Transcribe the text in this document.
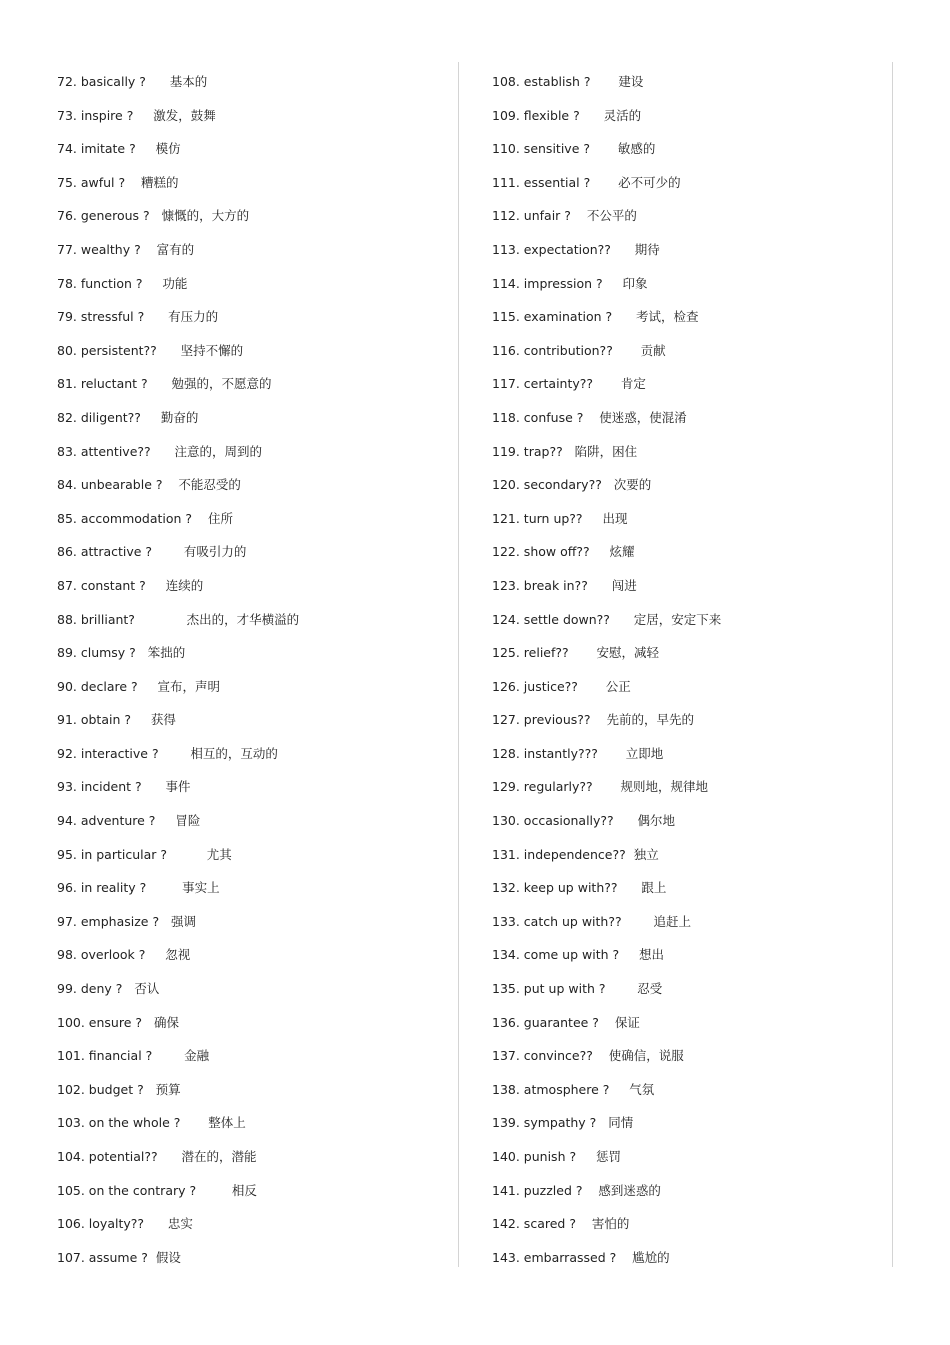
72. basically ?
基本的
73. inspire ?
激发，鼓舞
74. imitate ?
模仿
75. awful ?
糟糕的
76. generous ?
慷慨的，大方的
77. wealthy ?
富有的
78. function ?
功能
79. stressful ?
有压力的
80. persistent??
坚持不懈的
81. reluctant ?
勉强的，不愿意的
82. diligent??
勤奋的
83. attentive??
注意的，周到的
84. unbearable ?
不能忍受的
85. accommodation ?
住所
86. attractive ?
	有吸引力的
87. constant ?
连续的
88. brilliant?
	杰出的，才华横溢的
89. clumsy ?
笨拙的
90. declare ?
宣布，声明
91. obtain ?
获得
92. interactive ?
	相互的，互动的
93. incident ?
事件
94. adventure ?
冒险
95. in particular ?
	尤其
96. in reality ?
	事实上
97. emphasize ?
强调
98. overlook ?
忽视
99. deny ?
否认
100. ensure ?
确保
101. financial ?
	金融
102. budget ?
预算
103. on the whole ?
整体上
104. potential??
潜在的，潜能
105. on the contrary ?
	相反
106. loyalty??
忠实
107. assume ?
假设
108. establish ?
建设
109. flexible ?
灵活的
110. sensitive ?
敏感的
111. essential ?
必不可少的
112. unfair ?
不公平的
113. expectation??
期待
114. impression ?
印象
115. examination ?
考试，检查
116. contribution??
贡献
117. certainty??
肯定
118. confuse ?
使迷惑，使混淆
119. trap??
陷阱，困住
120. secondary??
次要的
121. turn up??
出现
122. show off??
炫耀
123. break in??
闯进
124. settle down??
定居，安定下来
125. relief??
安慰，减轻
126. justice??
公正
127. previous??
先前的，早先的
128. instantly???
立即地
129. regularly??
规则地，规律地
130. occasionally??
偶尔地
131. independence??
独立
132. keep up with??
跟上
133. catch up with??
	追赶上
134. come up with ?
想出
135. put up with ?
	忍受
136. guarantee ?
保证
137. convince??
使确信，说服
138. atmosphere ?
气氛
139. sympathy ?
同情
140. punish ?
惩罚
141. puzzled ?
感到迷惑的
142. scared ?
害怕的
143. embarrassed ?
尴尬的
